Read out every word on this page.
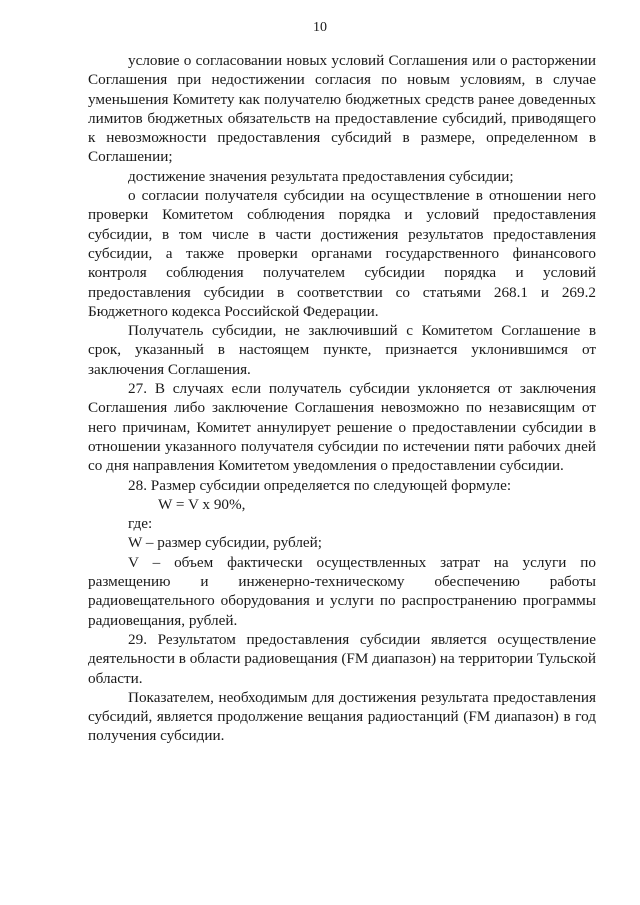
10

условие о согласовании новых условий Соглашения или о расторжении Соглашения при недостижении согласия по новым условиям, в случае уменьшения Комитету как получателю бюджетных средств ранее доведенных лимитов бюджетных обязательств на предоставление субсидий, приводящего к невозможности предоставления субсидий в размере, определенном в Соглашении;

достижение значения результата предоставления субсидии;

о согласии получателя субсидии на осуществление в отношении него проверки Комитетом соблюдения порядка и условий предоставления субсидии, в том числе в части достижения результатов предоставления субсидии, а также проверки органами государственного финансового контроля соблюдения получателем субсидии порядка и условий предоставления субсидии в соответствии со статьями 268.1 и 269.2 Бюджетного кодекса Российской Федерации.

Получатель субсидии, не заключивший с Комитетом Соглашение в срок, указанный в настоящем пункте, признается уклонившимся от заключения Соглашения.

27. В случаях если получатель субсидии уклоняется от заключения Соглашения либо заключение Соглашения невозможно по независящим от него причинам, Комитет аннулирует решение о предоставлении субсидии в отношении указанного получателя субсидии по истечении пяти рабочих дней со дня направления Комитетом уведомления о предоставлении субсидии.

28. Размер субсидии определяется по следующей формуле:

W = V x 90%,

где:

W – размер субсидии, рублей;

V – объем фактически осуществленных затрат на услуги по размещению и инженерно-техническому обеспечению работы радиовещательного оборудования и услуги по распространению программы радиовещания, рублей.

29. Результатом предоставления субсидии является осуществление деятельности в области радиовещания (FM диапазон) на территории Тульской области.

Показателем, необходимым для достижения результата предоставления субсидий, является продолжение вещания радиостанций (FM диапазон) в год получения субсидии.
